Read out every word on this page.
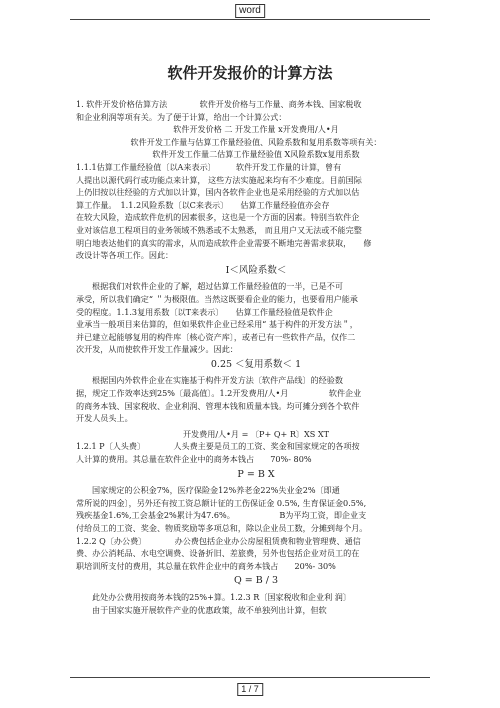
word
软件开发报价的计算方法

1. 软件开发价格估算方法　　　　软件开发价格与工作量、商务本钱、国家税收

和企业利润等项有关。为了便于计算，给出一个计算公式：

软件开发价格 二 开发工作量 x开发费用/人•月

软件开发工作量与估算工作量经验值、风险系数和复用系数等项有关：

软件开发工作量二估算工作量经验值 X风险系数x复用系数

1.1.1估算工作量经验值〔以A来表示〕　　　软件开发工作量的计算，曾有

人提出以源代码行或功能点来计算， 这些方法实施起来均有不少难度。目前国际

上仍旧按以往经验的方式加以计算，国内各软件企业也是采用经验的方式加以估

算工作量。　1.1.2风险系数〔以C来表示〕　　估算工作量经验值亦会存

在较大风险，造成软件危机的因素很多，这也是一个方面的因素。特别当软件企

业对该信息工程项目的业务领域不熟悉或不太熟悉， 而且用户又无法或不能完整

明白地表达他们的真实的需求，从而造成软件企业需要不断地完善需求获取，　　修

改设计等各项工作。因此：

I＜风险系数＜

根据我们对软件企业的了解，超过估算工作量经验值的一半，已是不可

承受，所以我们确定“ ＂为极限值。当然这既要看企业的能力，也要看用户能承

受的程度。1.1.3复用系数〔以T来表示〕　　估算工作量经验值是软件企

业承当一般项目来估算的，但如果软件企业已经采用“ 基于构件的开发方法＂，

并已建立起能够复用的构件库〔核心资产库〕，或者已有一些软件产品，仅作二

次开发，从而使软件开发工作量减少。因此：

0.25 ＜复用系数＜ 1

根据国内外软件企业在实施基于构件开发方法〔软件产品线〕的经验数

据，规定工作效率达到25%〔最高值〕。1.2开发费用/人•月　　　　　软件企业

的商务本钱、国家税收、企业利润、管理本钱和质量本钱。均可摊分到各个软件

开发人员头上。

开发费用/人•月 = 〔P+ Q+ R〕XS XT

1.2.1 P〔人头费〕　　　　人头费主要是员工的工资、奖金和国家规定的各项按

人计算的费用。其总量在软件企业中的商务本钱占　　70%- 80%

P = B X

国家规定的公积金7%，医疗保险金12%养老金22%失业金2%〔即通

常所说的四金〕，另外还有按工资总额计征的工伤保证金 0.5%, 生育保证金0.5%,

残疾基金1.6%,工会基金2%累计为47.6%。　　　　　　B为平均工资，即企业支

付给员工的工资、奖金、物质奖励等多项总和，除以企业员工数，分摊到每个月。

1.2.2 Q〔办公费〕　　　　办公费包括企业办公房屋租赁费和物业管理费、通信

费、办公消耗品、水电空调费、设备折旧、差旅费，另外也包括企业对员工的在

职培训所支付的费用，其总量在软件企业中的商务本钱占　　20%- 30%

Q = B / 3

此处办公费用按商务本钱的25%+算。1.2.3 R〔国家税收和企业利 润〕

由于国家实施开展软件产业的优惠政策，故不单独列出计算，但软

1 / 7
